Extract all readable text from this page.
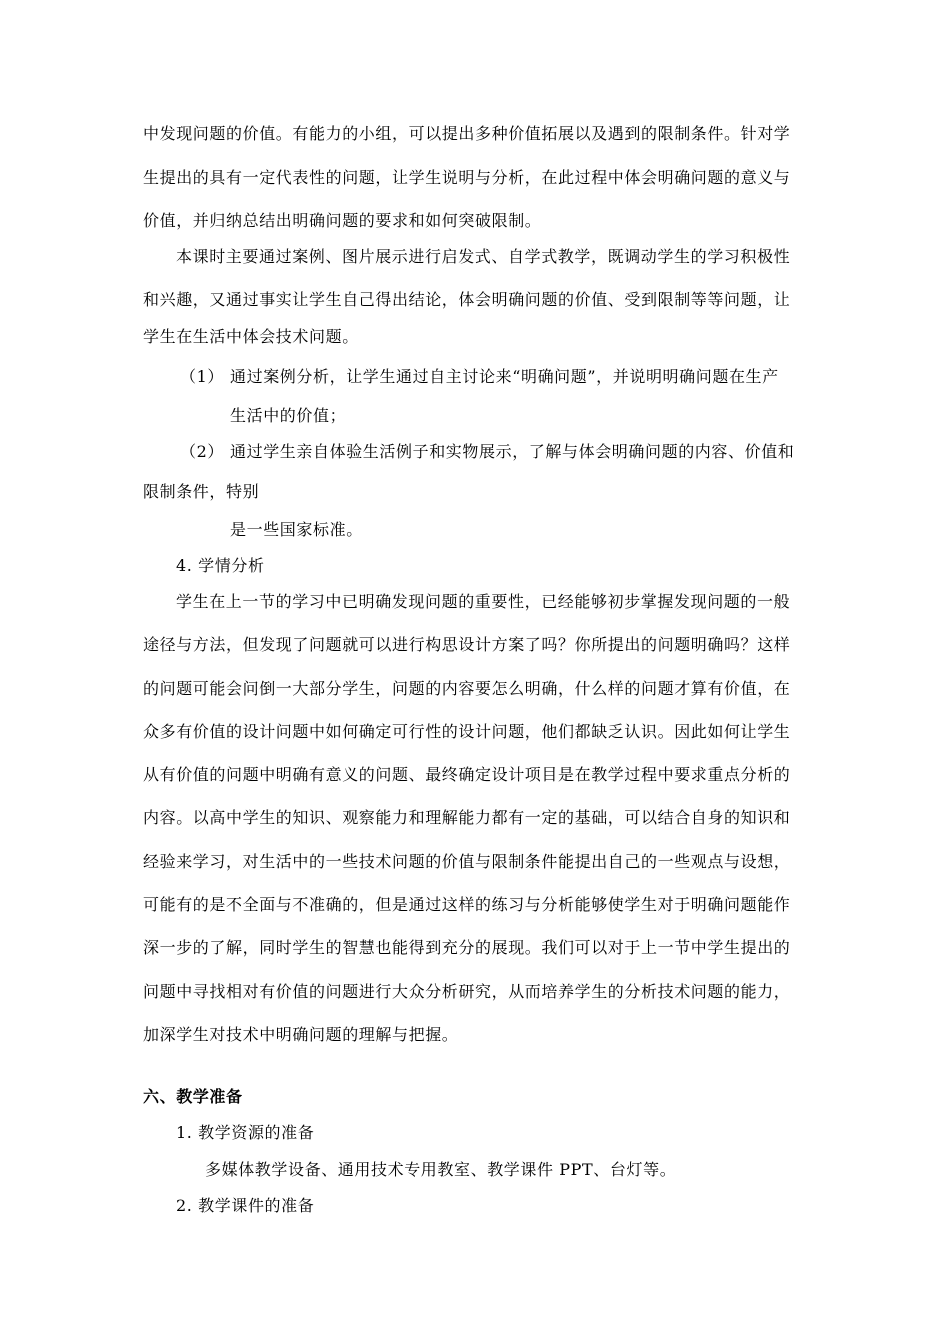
中发现问题的价值。有能力的小组，可以提出多种价值拓展以及遇到的限制条件。针对学
生提出的具有一定代表性的问题，让学生说明与分析，在此过程中体会明确问题的意义与
价值，并归纳总结出明确问题的要求和如何突破限制。
本课时主要通过案例、图片展示进行启发式、自学式教学，既调动学生的学习积极性
和兴趣，又通过事实让学生自己得出结论，体会明确问题的价值、受到限制等等问题，让
学生在生活中体会技术问题。
（1） 通过案例分析，让学生通过自主讨论来“明确问题”，并说明明确问题在生产
生活中的价值；
（2） 通过学生亲自体验生活例子和实物展示，了解与体会明确问题的内容、价值和
限制条件，特别
是一些国家标准。
4. 学情分析
学生在上一节的学习中已明确发现问题的重要性，已经能够初步掌握发现问题的一般
途径与方法，但发现了问题就可以进行构思设计方案了吗？你所提出的问题明确吗？这样
的问题可能会问倒一大部分学生，问题的内容要怎么明确，什么样的问题才算有价值，在
众多有价值的设计问题中如何确定可行性的设计问题，他们都缺乏认识。因此如何让学生
从有价值的问题中明确有意义的问题、最终确定设计项目是在教学过程中要求重点分析的
内容。以高中学生的知识、观察能力和理解能力都有一定的基础，可以结合自身的知识和
经验来学习，对生活中的一些技术问题的价值与限制条件能提出自己的一些观点与设想，
可能有的是不全面与不准确的，但是通过这样的练习与分析能够使学生对于明确问题能作
深一步的了解，同时学生的智慧也能得到充分的展现。我们可以对于上一节中学生提出的
问题中寻找相对有价值的问题进行大众分析研究，从而培养学生的分析技术问题的能力，
加深学生对技术中明确问题的理解与把握。
六、教学准备
1. 教学资源的准备
多媒体教学设备、通用技术专用教室、教学课件 PPT、台灯等。
2. 教学课件的准备
